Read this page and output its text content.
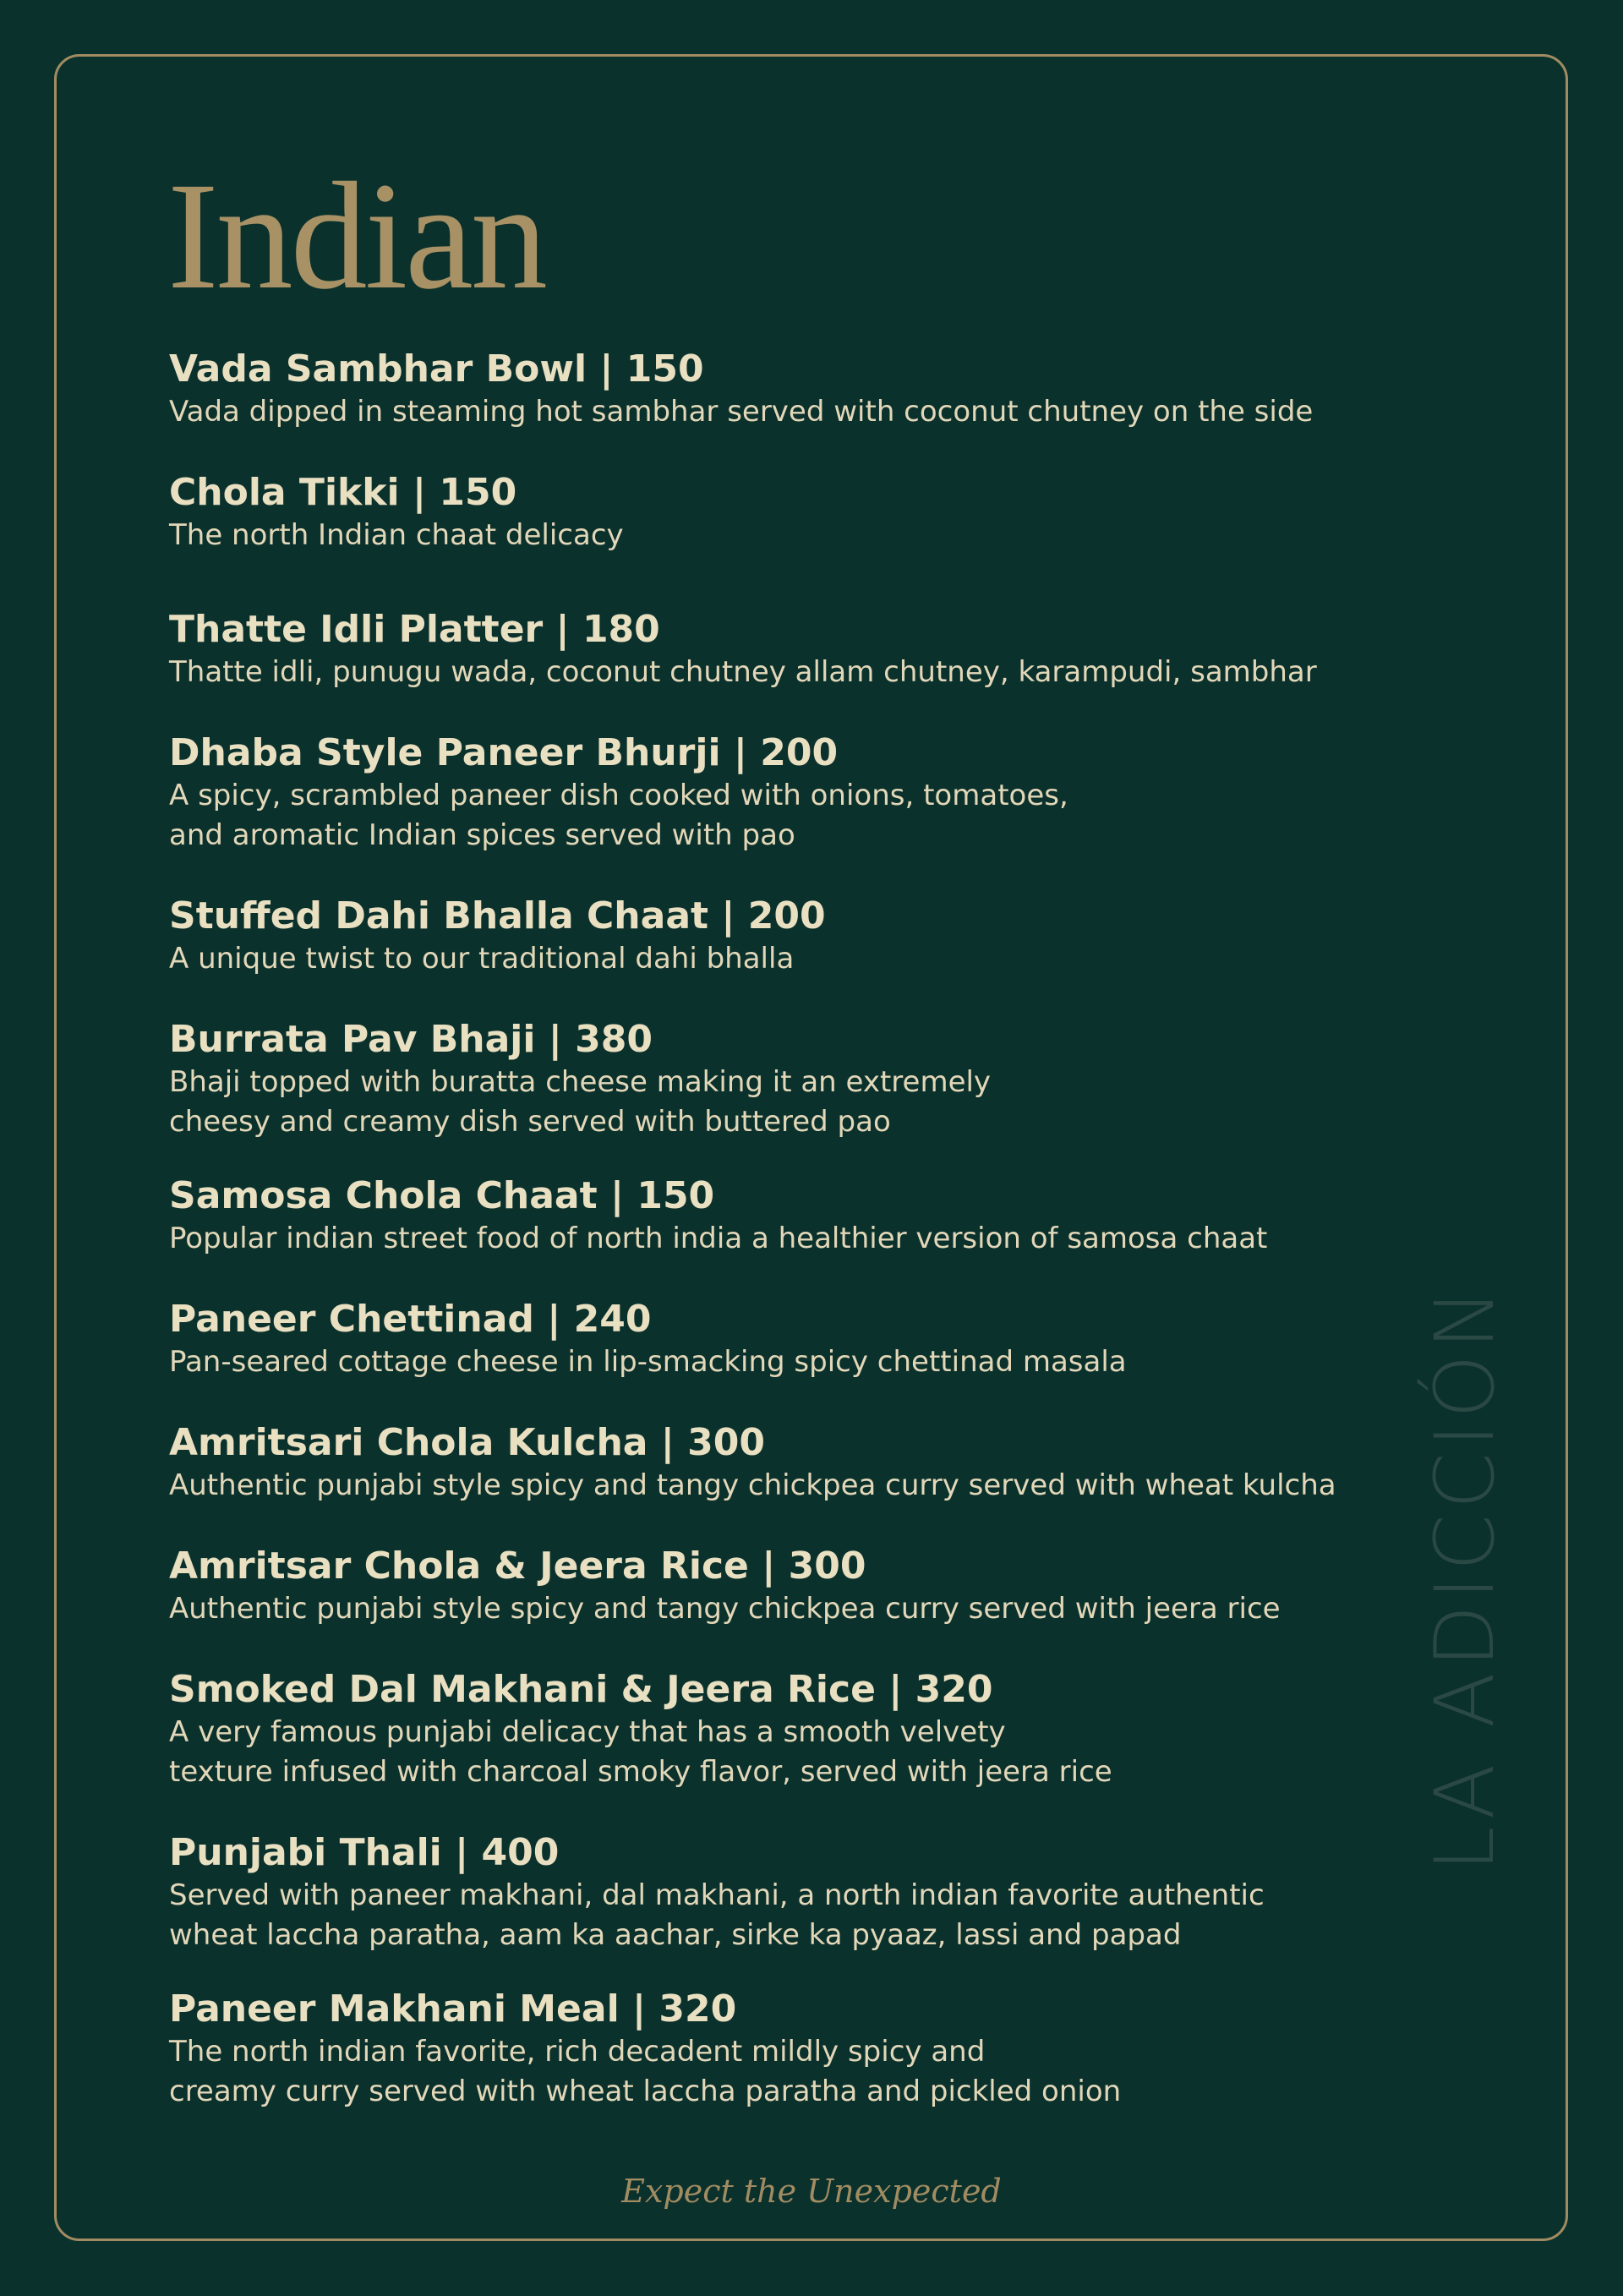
Indian
Vada Sambhar Bowl | 150
Vada dipped in steaming hot sambhar served with coconut chutney on the side
Chola Tikki | 150
The north Indian chaat delicacy
Thatte Idli Platter | 180
Thatte idli, punugu wada, coconut chutney allam chutney, karampudi, sambhar
Dhaba Style Paneer Bhurji | 200
A spicy, scrambled paneer dish cooked with onions, tomatoes,
and aromatic Indian spices served with pao
Stuffed Dahi Bhalla Chaat | 200
A unique twist to our traditional dahi bhalla
Burrata Pav Bhaji | 380
Bhaji topped with buratta cheese making it an extremely
cheesy and creamy dish served with buttered pao
Samosa Chola Chaat | 150
Popular indian street food of north india a healthier version of samosa chaat
Paneer Chettinad | 240
Pan-seared cottage cheese in lip-smacking spicy chettinad masala
Amritsari Chola Kulcha | 300
Authentic punjabi style spicy and tangy chickpea curry served with wheat kulcha
Amritsar Chola & Jeera Rice | 300
Authentic punjabi style spicy and tangy chickpea curry served with jeera rice
Smoked Dal Makhani & Jeera Rice | 320
A very famous punjabi delicacy that has a smooth velvety
texture infused with charcoal smoky flavor, served with jeera rice
Punjabi Thali | 400
Served with paneer makhani, dal makhani, a north indian favorite authentic
wheat laccha paratha, aam ka aachar, sirke ka pyaaz, lassi and papad
Paneer Makhani Meal | 320
The north indian favorite, rich decadent mildly spicy and
creamy curry served with wheat laccha paratha and pickled onion
LA ADICCIÓN
Expect the Unexpected
